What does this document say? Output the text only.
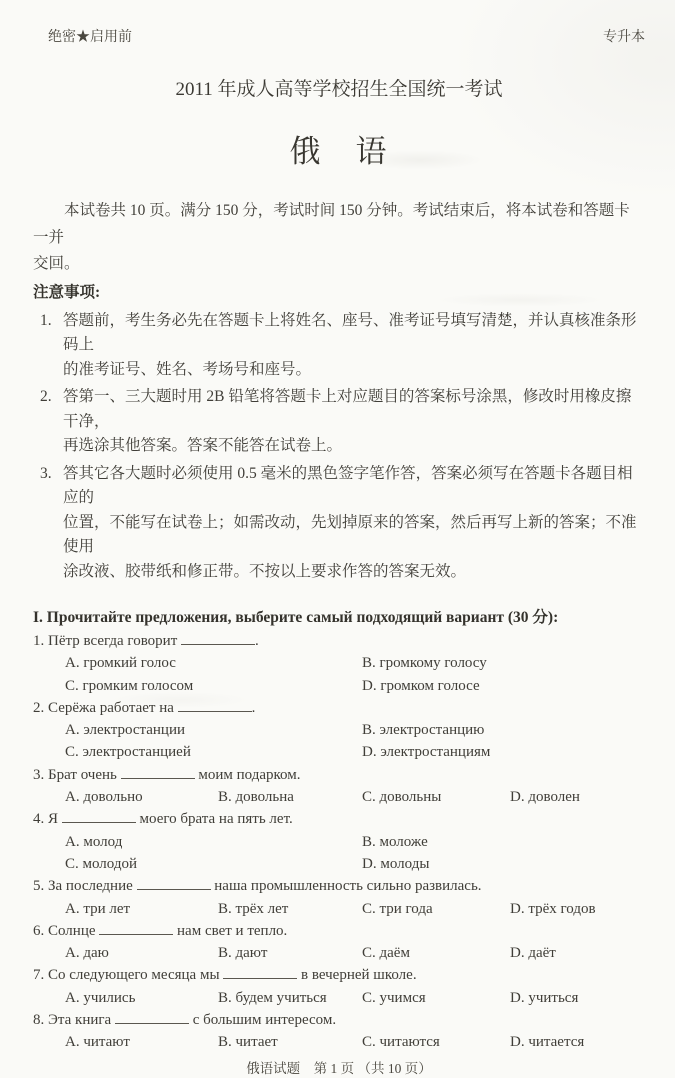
绝密★启用前	专升本
2011 年成人高等学校招生全国统一考试
俄　语

本试卷共 10 页。满分 150 分，考试时间 150 分钟。考试结束后，将本试卷和答题卡一并
交回。

注意事项:
1. 答题前，考生务必先在答题卡上将姓名、座号、准考证号填写清楚，并认真核准条形码上
的准考证号、姓名、考场号和座号。
2. 答第一、三大题时用 2B 铅笔将答题卡上对应题目的答案标号涂黑，修改时用橡皮擦干净，
再选涂其他答案。答案不能答在试卷上。
3. 答其它各大题时必须使用 0.5 毫米的黑色签字笔作答，答案必须写在答题卡各题目相应的
位置，不能写在试卷上；如需改动，先划掉原来的答案，然后再写上新的答案；不准使用
涂改液、胶带纸和修正带。不按以上要求作答的答案无效。
I. Прочитайте предложения, выберите самый подходящий вариант (30 分):
1. Пётр всегда говорит	.
A. громкий голос	B. громкому голосу
C. громким голосом	D. громком голосе
2. Серёжа работает на	.
A. электростанции	B. электростанцию
C. электростанцией	D. электростанциям
3. Брат очень	моим подарком.
A. довольно	B. довольна	C. довольны	D. доволен
4. Я	моего брата на пять лет.
A. молод	B. моложе
C. молодой	D. молоды
5. За последние	наша промышленность сильно развилась.
A. три лет	B. трёх лет	C. три года	D. трёх годов
6. Солнце	нам свет и тепло.
A. даю	B. дают	C. даём	D. даёт
7. Со следующего месяца мы	в вечерней школе.
A. учились	B. будем учиться	C. учимся	D. учиться
8. Эта книга	с большим интересом.
A. читают	B. читает	C. читаются	D. читается
俄语试题　第 1 页 （共 10 页）
